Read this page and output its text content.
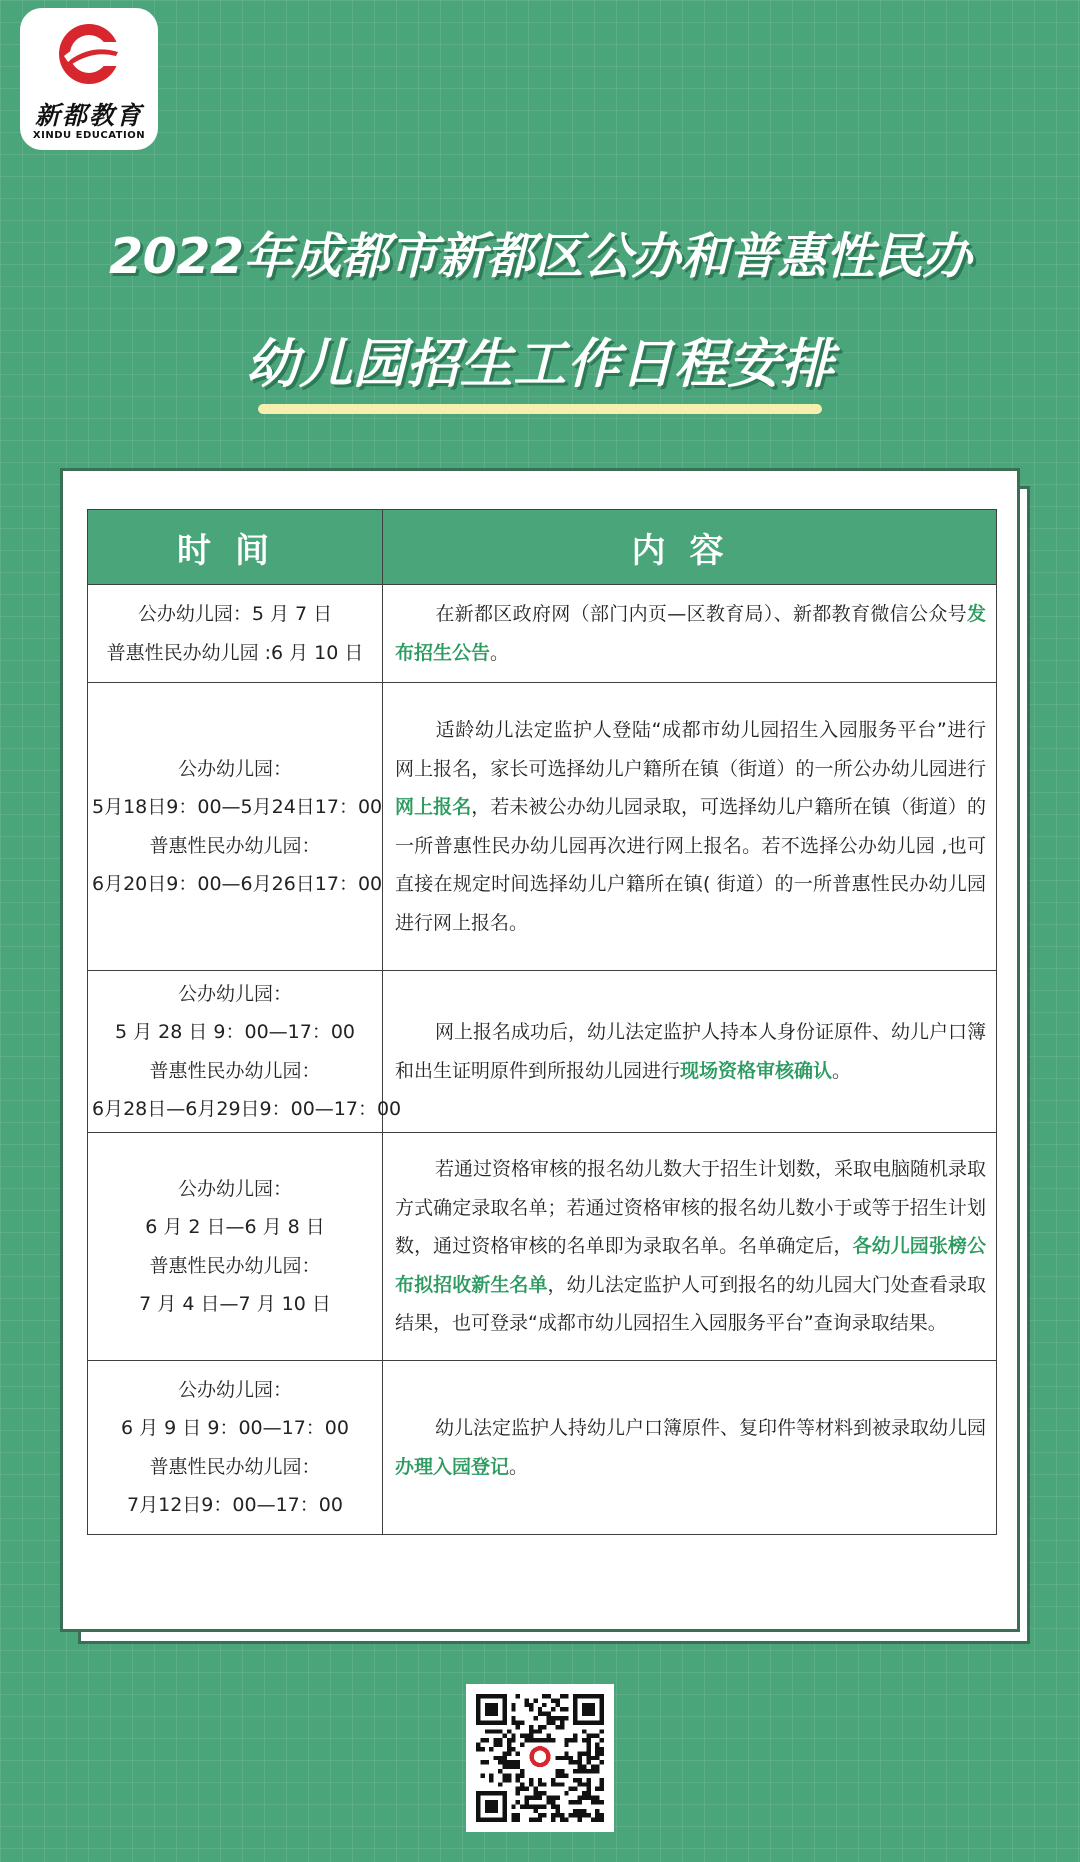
新都教育
XINDU EDUCATION
2022年成都市新都区公办和普惠性民办
幼儿园招生工作日程安排
时间	内容

公办幼儿园：5 月 7 日
普惠性民办幼儿园 :6 月 10 日	在新都区政府网（部门内页—区教育局）、新都教育微信公众号发布招生公告。

公办幼儿园：
5月18日9：00—5月24日17：00
普惠性民办幼儿园：
6月20日9：00—6月26日17：00	适龄幼儿法定监护人登陆“成都市幼儿园招生入园服务平台”进行网上报名，家长可选择幼儿户籍所在镇（街道）的一所公办幼儿园进行网上报名，若未被公办幼儿园录取，可选择幼儿户籍所在镇（街道）的一所普惠性民办幼儿园再次进行网上报名。若不选择公办幼儿园 ,也可直接在规定时间选择幼儿户籍所在镇( 街道）的一所普惠性民办幼儿园进行网上报名。

公办幼儿园：
5 月 28 日 9：00—17：00
普惠性民办幼儿园：
6月28日—6月29日9：00—17：00	网上报名成功后，幼儿法定监护人持本人身份证原件、幼儿户口簿和出生证明原件到所报幼儿园进行现场资格审核确认。

公办幼儿园：
6 月 2 日—6 月 8 日
普惠性民办幼儿园：
7 月 4 日—7 月 10 日	若通过资格审核的报名幼儿数大于招生计划数，采取电脑随机录取方式确定录取名单；若通过资格审核的报名幼儿数小于或等于招生计划数，通过资格审核的名单即为录取名单。名单确定后，各幼儿园张榜公布拟招收新生名单，幼儿法定监护人可到报名的幼儿园大门处查看录取结果，也可登录“成都市幼儿园招生入园服务平台”查询录取结果。

公办幼儿园：
6 月 9 日 9：00—17：00
普惠性民办幼儿园：
7月12日9：00—17：00	幼儿法定监护人持幼儿户口簿原件、复印件等材料到被录取幼儿园办理入园登记。
